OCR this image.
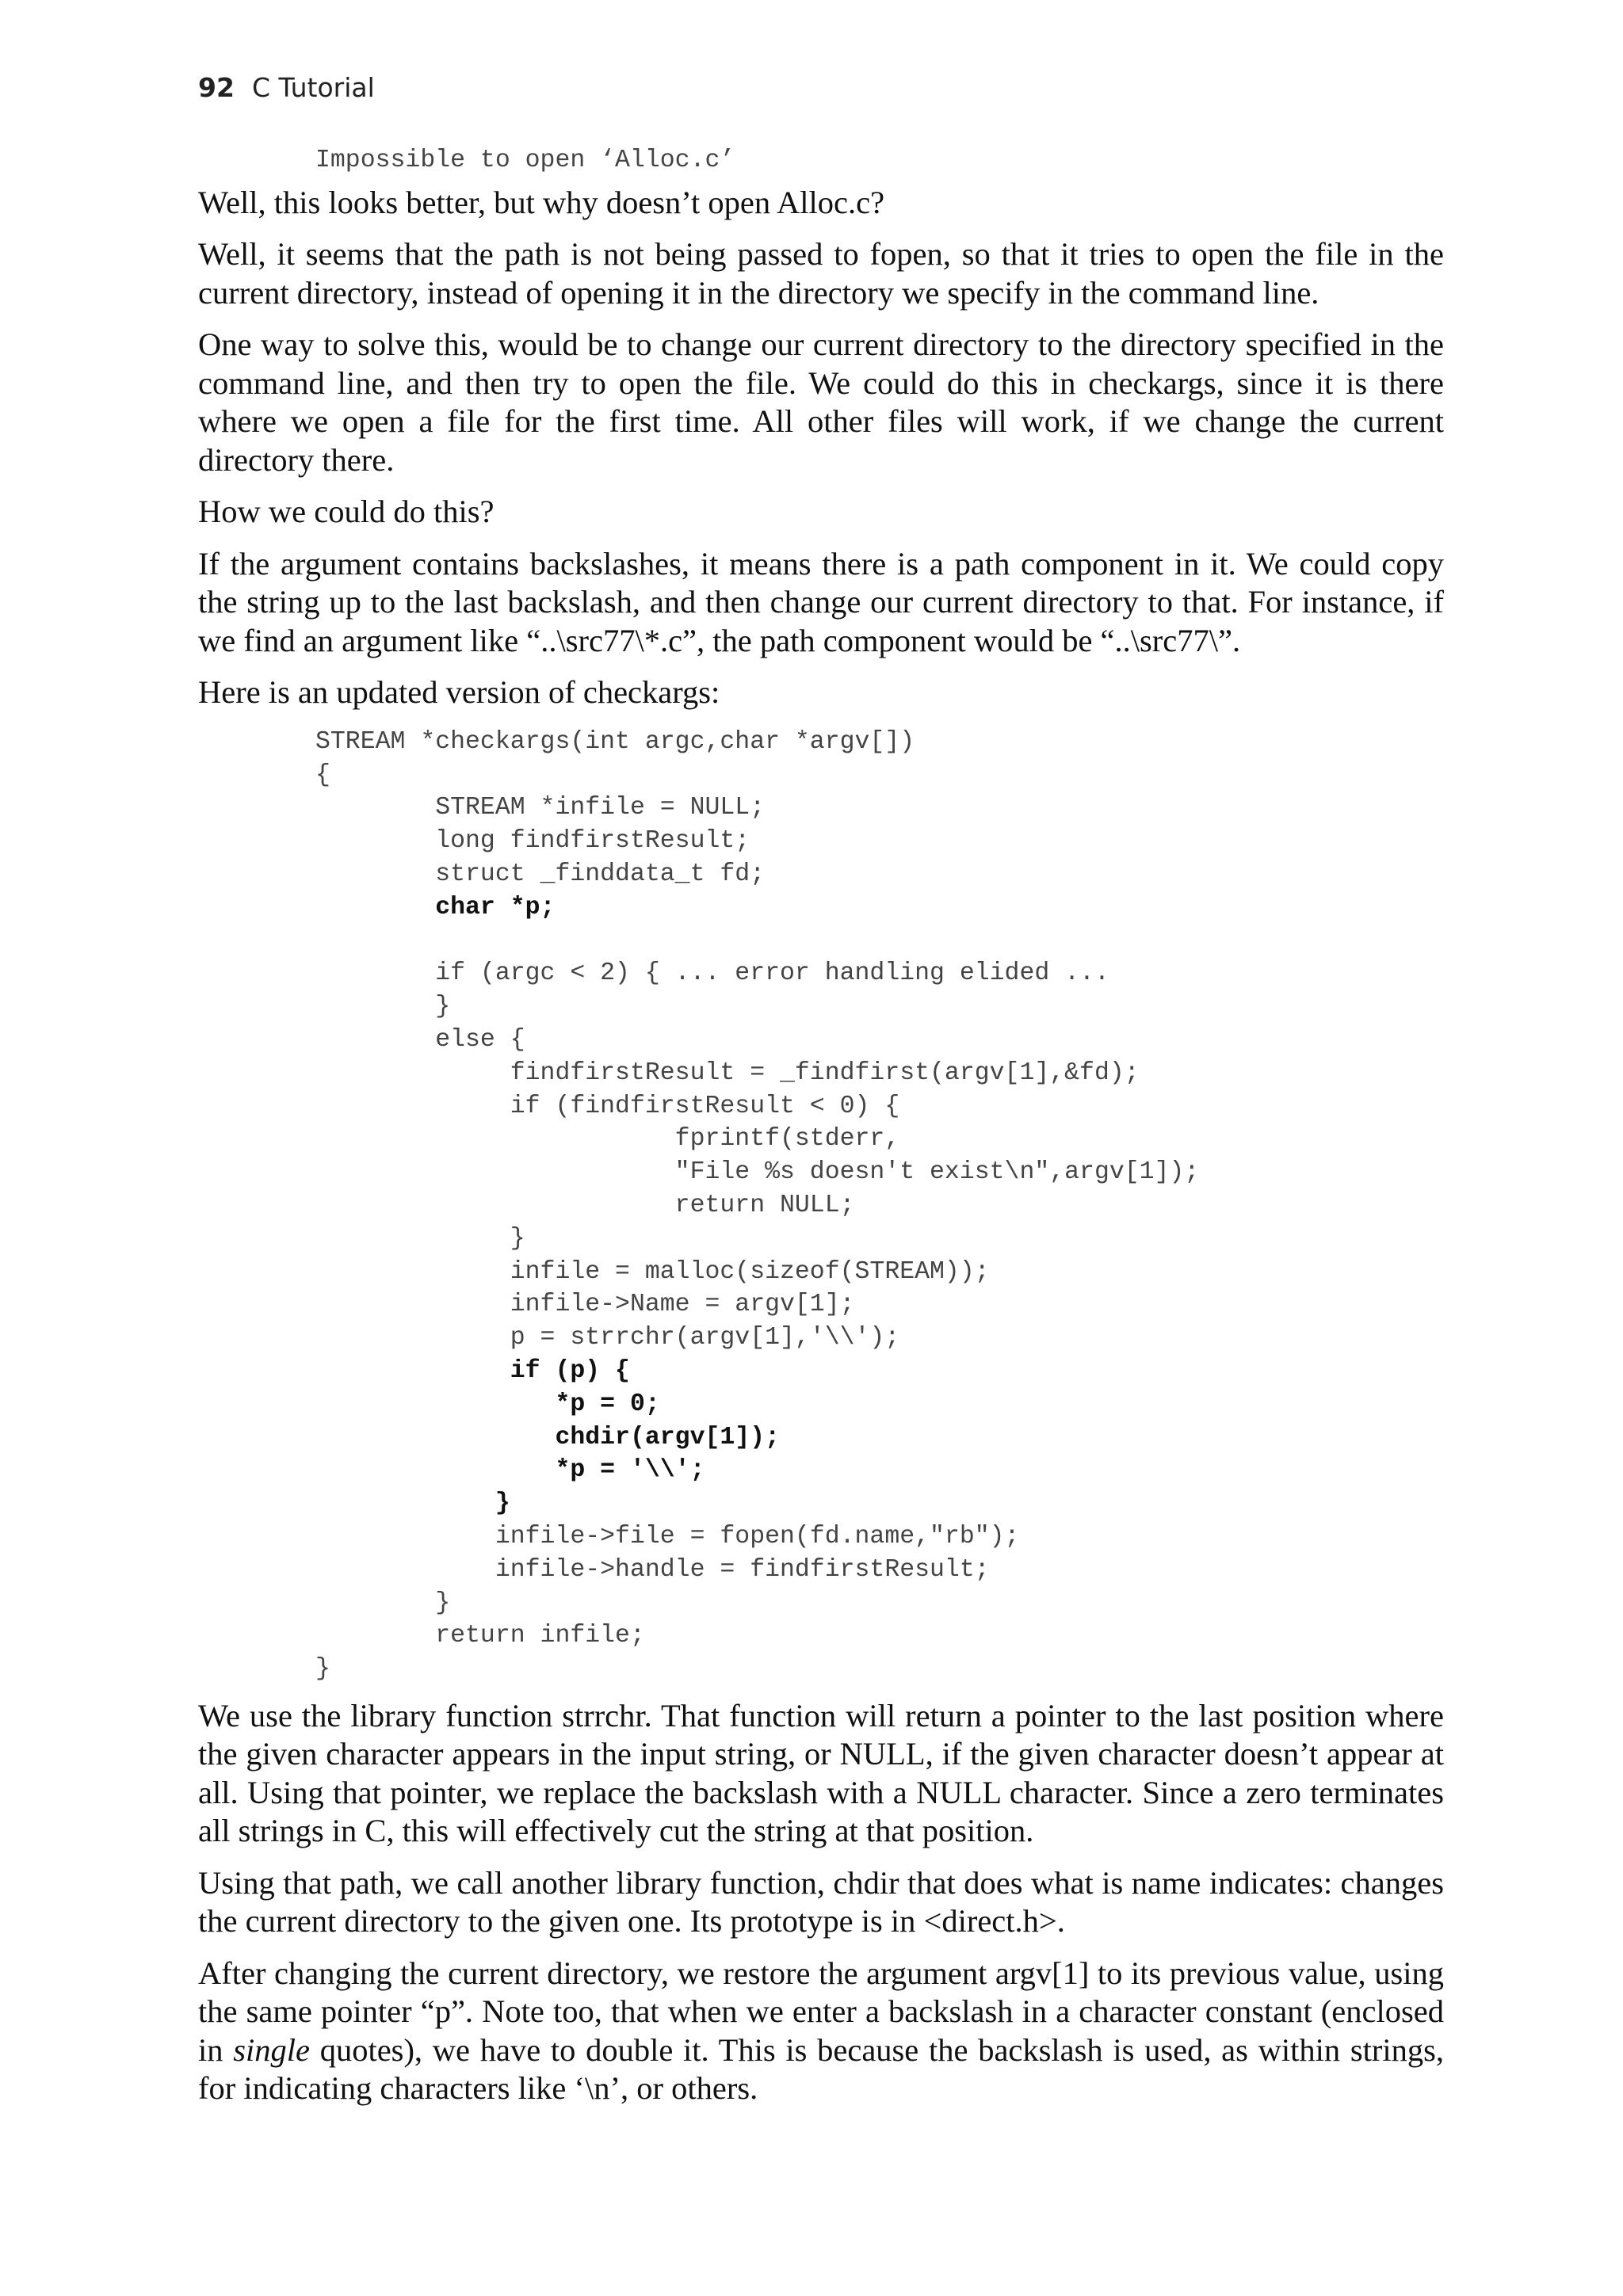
92 C Tutorial
Impossible to open ‘Alloc.c’

Well, this looks better, but why doesn’t open Alloc.c?

Well, it seems that the path is not being passed to fopen, so that it tries to open the file in the current directory, instead of opening it in the directory we specify in the command line.

One way to solve this, would be to change our current directory to the directory specified in the command line, and then try to open the file. We could do this in checkargs, since it is there where we open a file for the first time. All other files will work, if we change the current directory there.

How we could do this?

If the argument contains backslashes, it means there is a path component in it. We could copy the string up to the last backslash, and then change our current directory to that. For instance, if we find an argument like “..\src77\*.c”, the path component would be “..\src77\”.

Here is an updated version of checkargs:

STREAM *checkargs(int argc,char *argv[])
{
STREAM *infile = NULL;
long findfirstResult;
struct _finddata_t fd;
char *p;

if (argc < 2) { ... error handling elided ...
}
else {
findfirstResult = _findfirst(argv[1],&fd);
if (findfirstResult < 0) {
fprintf(stderr,
"File %s doesn't exist\n",argv[1]);
return NULL;
}
infile = malloc(sizeof(STREAM));
infile->Name = argv[1];
p = strrchr(argv[1],'\\');
if (p) {
*p = 0;
chdir(argv[1]);
*p = '\\';
}
infile->file = fopen(fd.name,"rb");
infile->handle = findfirstResult;
}
return infile;
}

We use the library function strrchr. That function will return a pointer to the last position where the given character appears in the input string, or NULL, if the given character doesn’t appear at all. Using that pointer, we replace the backslash with a NULL character. Since a zero terminates all strings in C, this will effectively cut the string at that position.

Using that path, we call another library function, chdir that does what is name indicates: changes the current directory to the given one. Its prototype is in <direct.h>.

After changing the current directory, we restore the argument argv[1] to its previous value, using the same pointer “p”. Note too, that when we enter a backslash in a character constant (enclosed in single quotes), we have to double it. This is because the backslash is used, as within strings, for indicating characters like ‘\n’, or others.
